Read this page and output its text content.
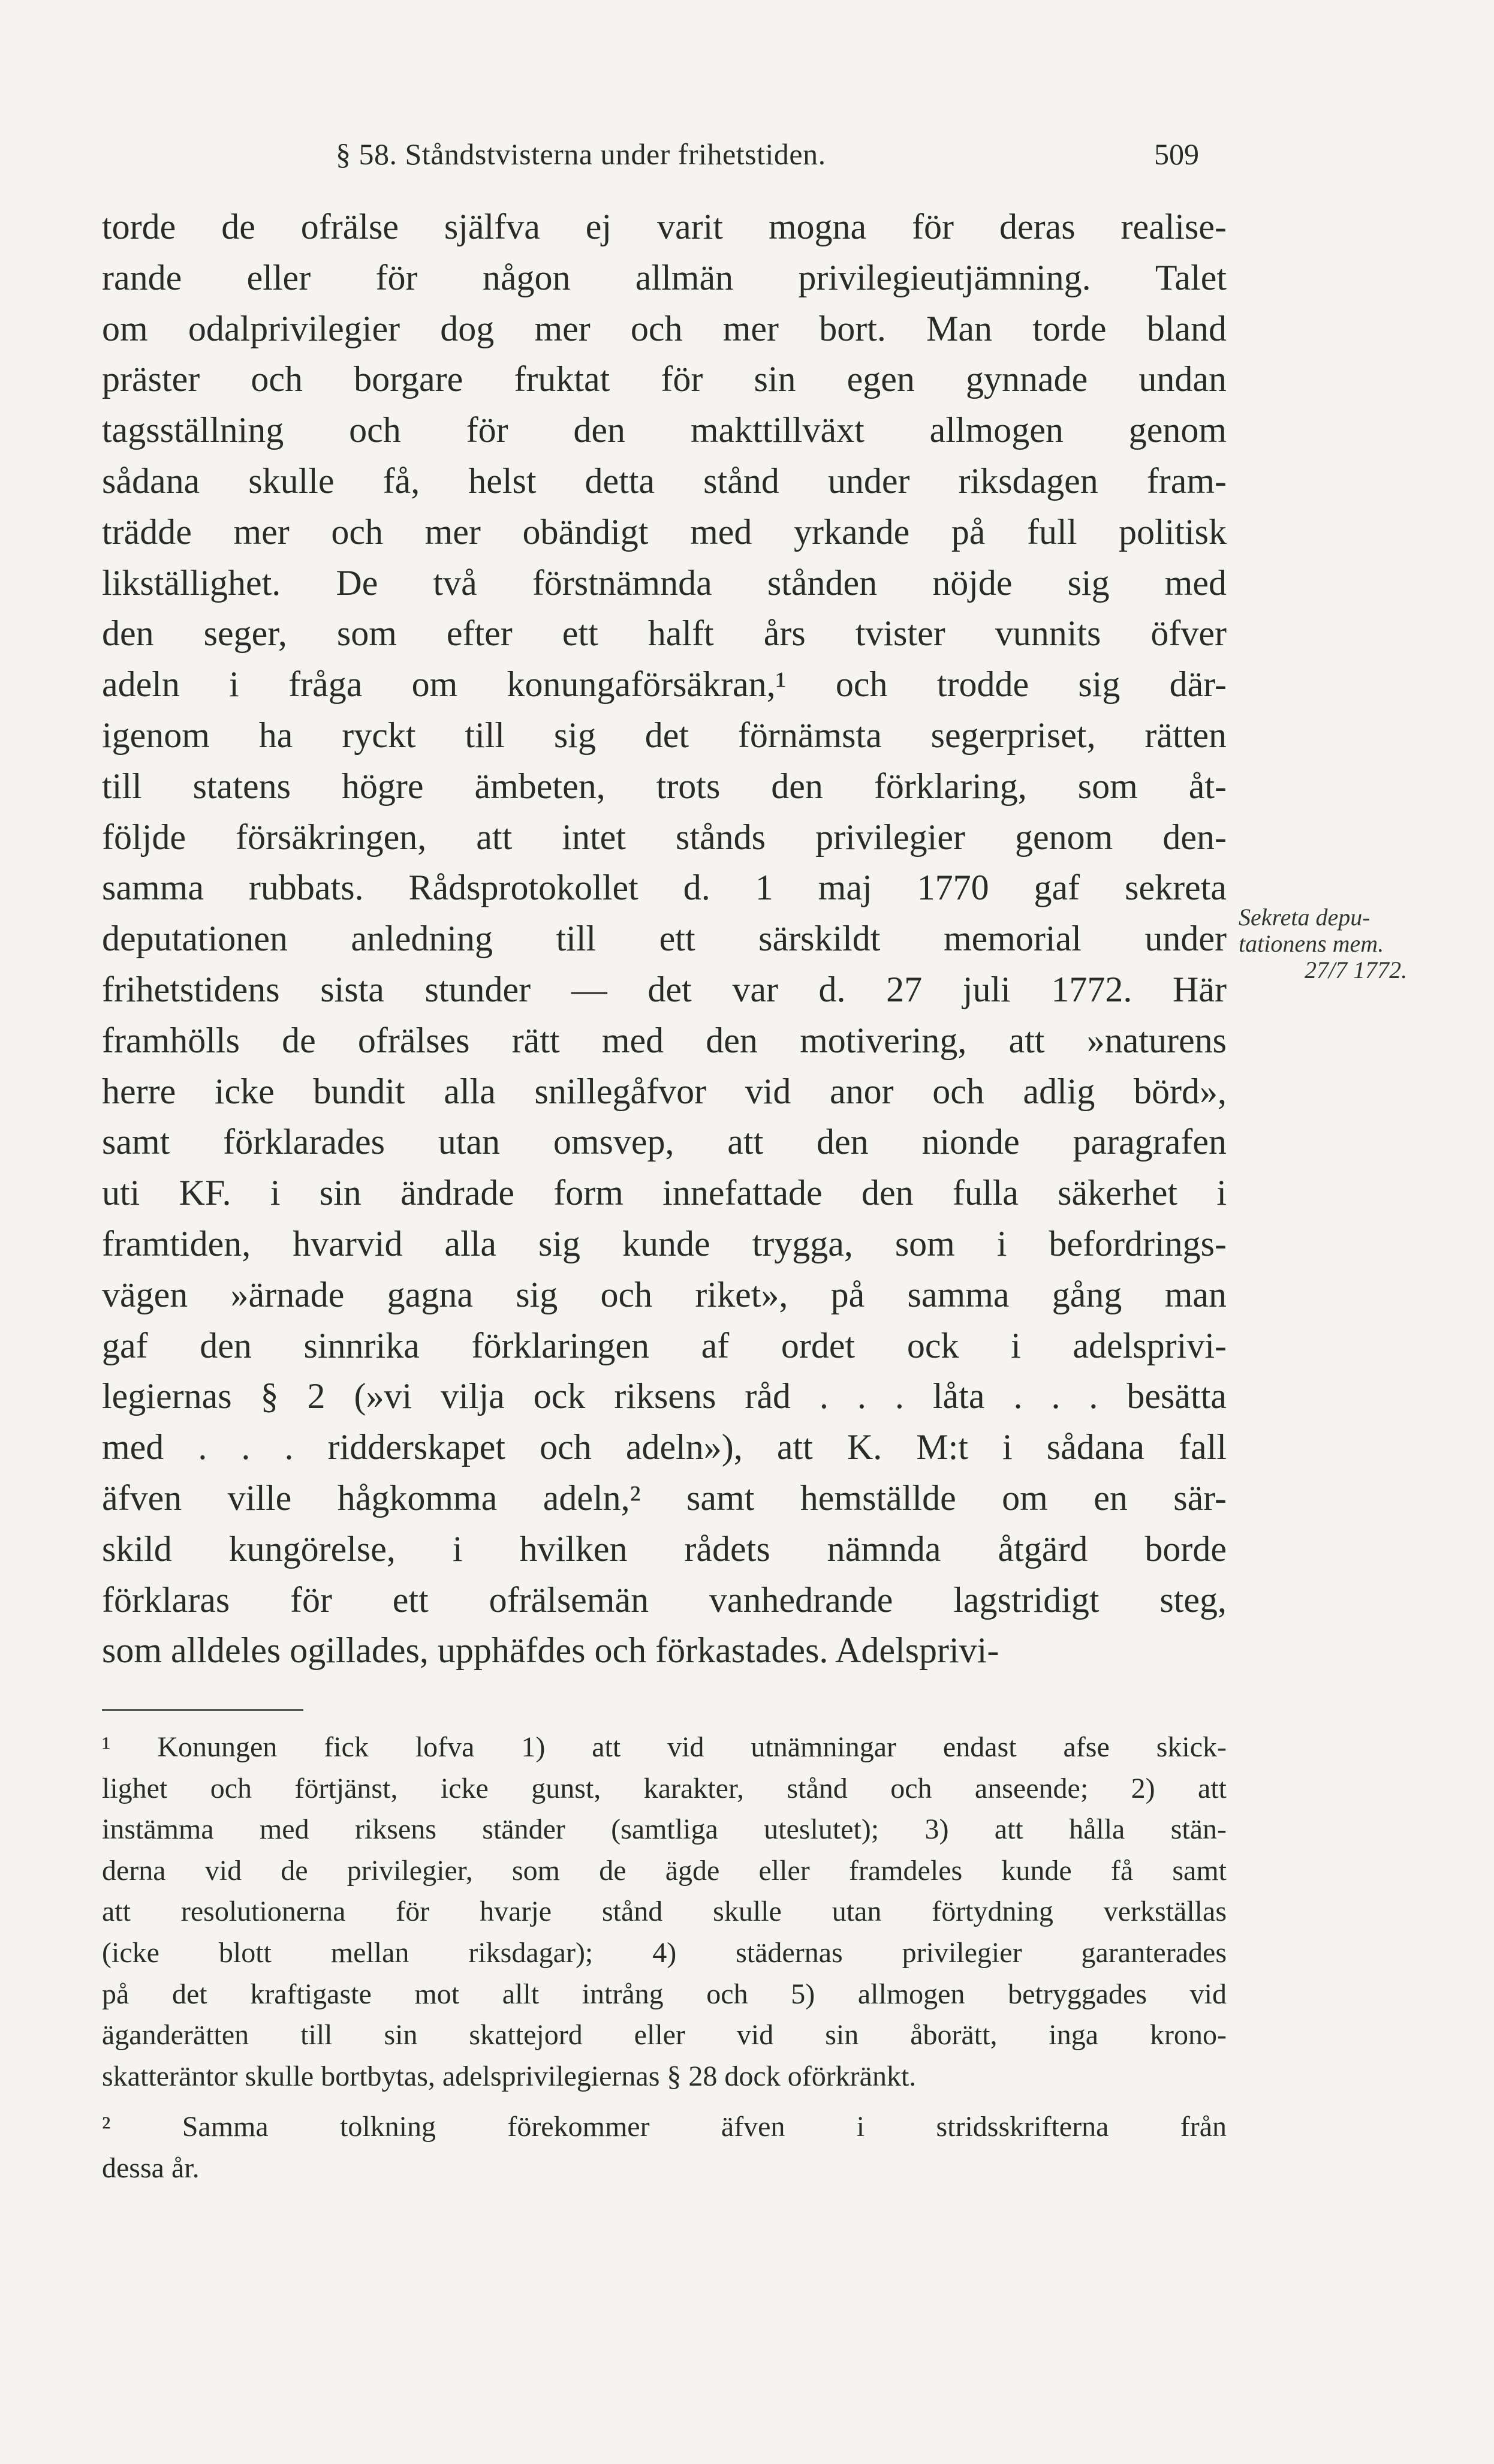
§ 58. Ståndstvisterna under frihetstiden.	509
torde de ofrälse själfva ej varit mogna för deras realise-
rande eller för någon allmän privilegieutjämning. Talet
om odalprivilegier dog mer och mer bort. Man torde bland
präster och borgare fruktat för sin egen gynnade undan
tagsställning och för den makttillväxt allmogen genom
sådana skulle få, helst detta stånd under riksdagen fram-
trädde mer och mer obändigt med yrkande på full politisk
likställighet. De två förstnämnda stånden nöjde sig med
den seger, som efter ett halft års tvister vunnits öfver
adeln i fråga om konungaförsäkran,¹ och trodde sig där-
igenom ha ryckt till sig det förnämsta segerpriset, rätten
till statens högre ämbeten, trots den förklaring, som åt-
följde försäkringen, att intet stånds privilegier genom den-
samma rubbats. Rådsprotokollet d. 1 maj 1770 gaf sekreta
deputationen anledning till ett särskildt memorial under
frihetstidens sista stunder — det var d. 27 juli 1772. Här
framhölls de ofrälses rätt med den motivering, att »naturens
herre icke bundit alla snillegåfvor vid anor och adlig börd»,
samt förklarades utan omsvep, att den nionde paragrafen
uti KF. i sin ändrade form innefattade den fulla säkerhet i
framtiden, hvarvid alla sig kunde trygga, som i befordrings-
vägen »ärnade gagna sig och riket», på samma gång man
gaf den sinnrika förklaringen af ordet ock i adelsprivi-
legiernas § 2 (»vi vilja ock riksens råd . . . låta . . . besätta
med . . . ridderskapet och adeln»), att K. M:t i sådana fall
äfven ville hågkomma adeln,² samt hemställde om en sär-
skild kungörelse, i hvilken rådets nämnda åtgärd borde
förklaras för ett ofrälsemän vanhedrande lagstridigt steg,
som alldeles ogillades, upphäfdes och förkastades. Adelsprivi-
Sekreta depu-
tationens mem.
27/7 1772.
¹ Konungen fick lofva 1) att vid utnämningar endast afse skick-
lighet och förtjänst, icke gunst, karakter, stånd och anseende; 2) att
instämma med riksens ständer (samtliga uteslutet); 3) att hålla stän-
derna vid de privilegier, som de ägde eller framdeles kunde få samt
att resolutionerna för hvarje stånd skulle utan förtydning verkställas
(icke blott mellan riksdagar); 4) städernas privilegier garanterades
på det kraftigaste mot allt intrång och 5) allmogen betryggades vid
äganderätten till sin skattejord eller vid sin åborätt, inga krono-
skatteräntor skulle bortbytas, adelsprivilegiernas § 28 dock oförkränkt.
² Samma tolkning förekommer äfven i stridsskrifterna från
dessa år.
